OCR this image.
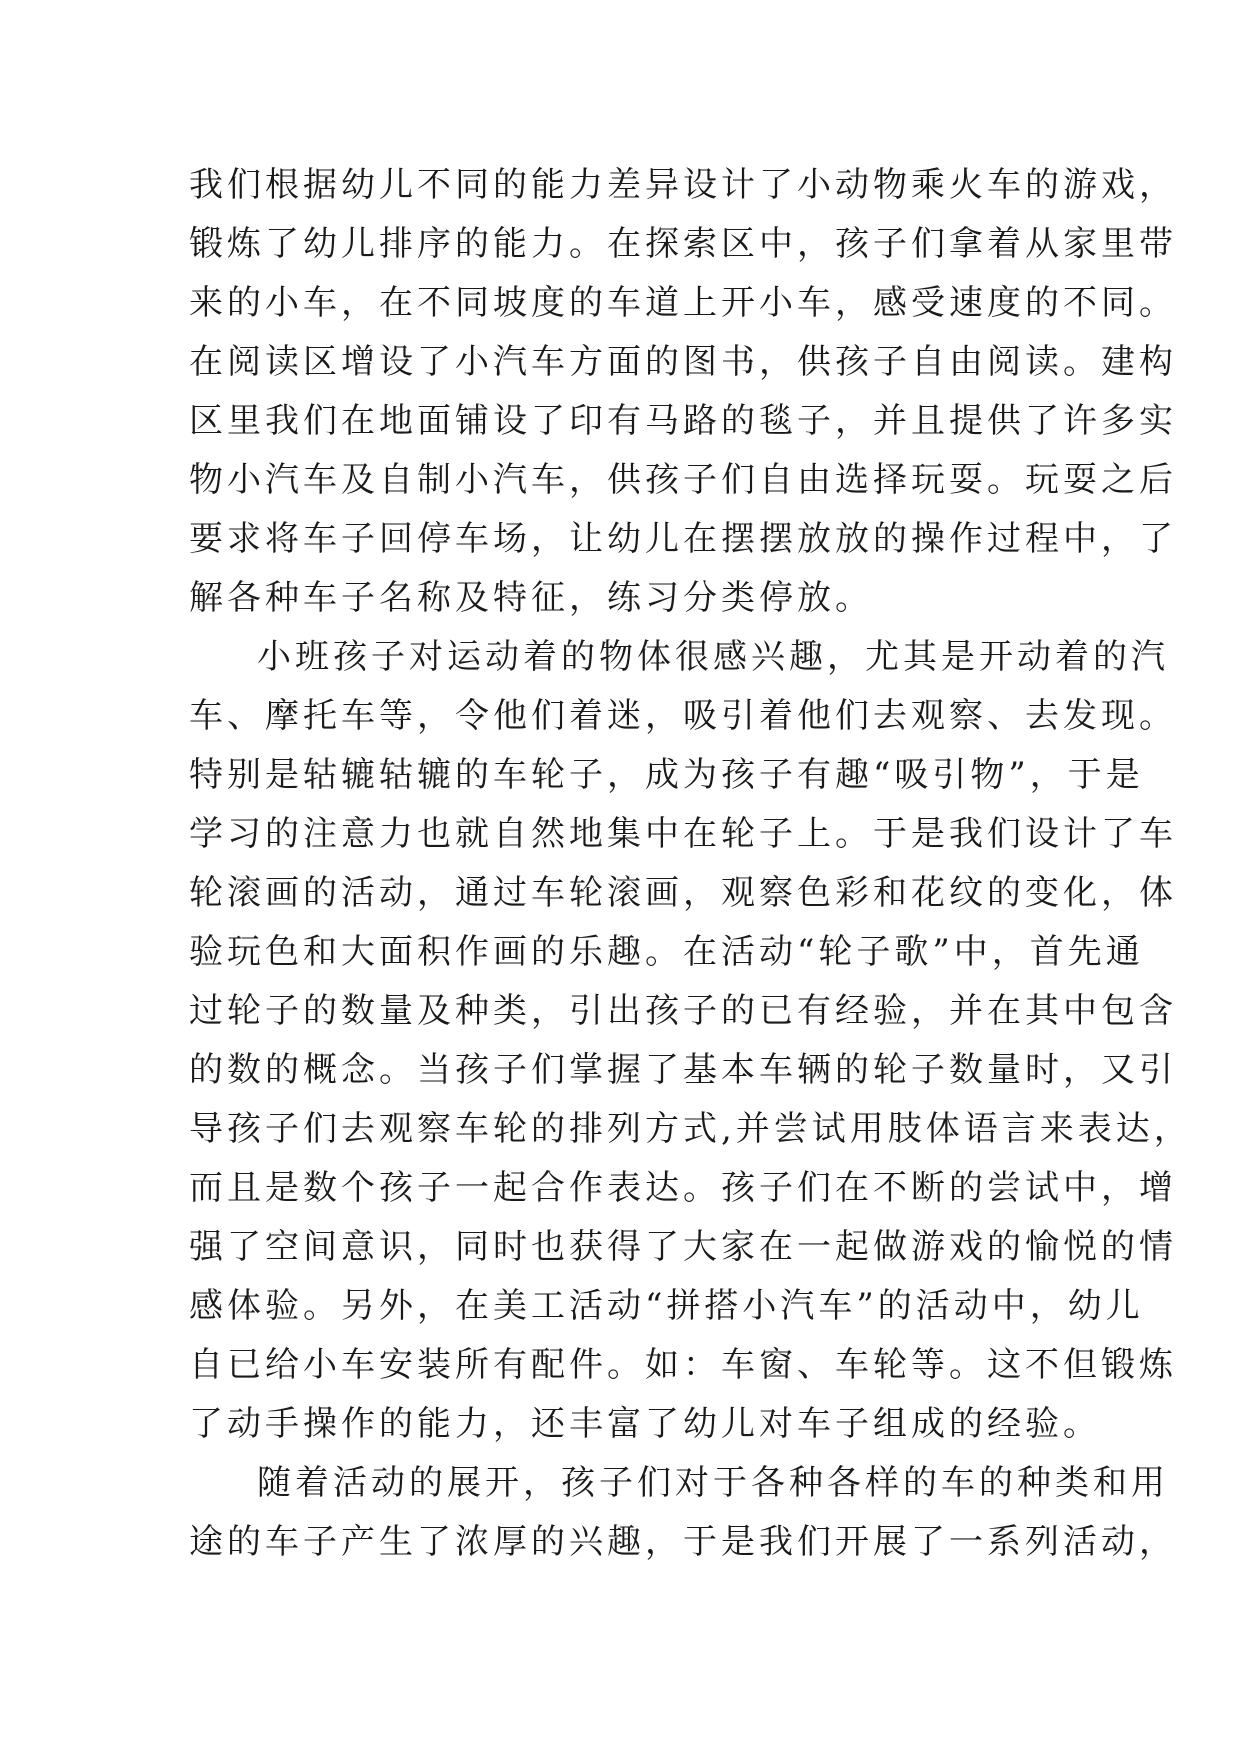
我们根据幼儿不同的能力差异设计了小动物乘火车的游戏，
锻炼了幼儿排序的能力。在探索区中，孩子们拿着从家里带
来的小车，在不同坡度的车道上开小车，感受速度的不同。
在阅读区增设了小汽车方面的图书，供孩子自由阅读。建构
区里我们在地面铺设了印有马路的毯子，并且提供了许多实
物小汽车及自制小汽车，供孩子们自由选择玩耍。玩耍之后
要求将车子回停车场，让幼儿在摆摆放放的操作过程中，了
解各种车子名称及特征，练习分类停放。
小班孩子对运动着的物体很感兴趣，尤其是开动着的汽
车、摩托车等，令他们着迷，吸引着他们去观察、去发现。
特别是轱辘轱辘的车轮子，成为孩子有趣“吸引物”，于是
学习的注意力也就自然地集中在轮子上。于是我们设计了车
轮滚画的活动，通过车轮滚画，观察色彩和花纹的变化，体
验玩色和大面积作画的乐趣。在活动“轮子歌”中，首先通
过轮子的数量及种类，引出孩子的已有经验，并在其中包含
的数的概念。当孩子们掌握了基本车辆的轮子数量时，又引
导孩子们去观察车轮的排列方式,并尝试用肢体语言来表达，
而且是数个孩子一起合作表达。孩子们在不断的尝试中，增
强了空间意识，同时也获得了大家在一起做游戏的愉悦的情
感体验。另外，在美工活动“拼搭小汽车”的活动中，幼儿
自已给小车安装所有配件。如：车窗、车轮等。这不但锻炼
了动手操作的能力，还丰富了幼儿对车子组成的经验。
随着活动的展开，孩子们对于各种各样的车的种类和用
途的车子产生了浓厚的兴趣，于是我们开展了一系列活动，
